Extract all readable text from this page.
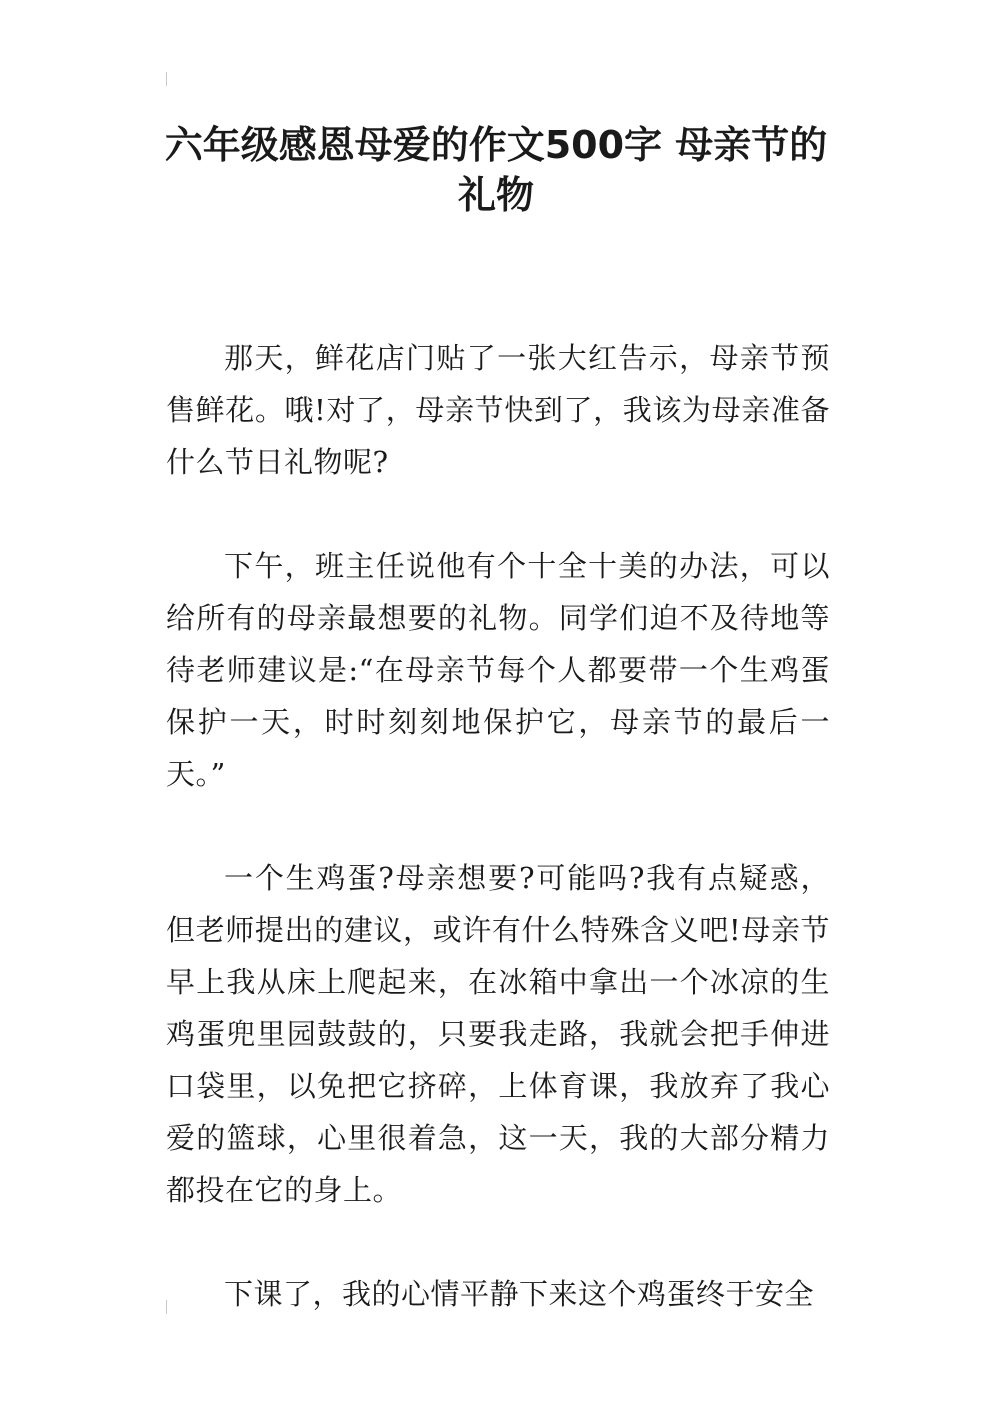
六年级感恩母爱的作文500字 母亲节的礼物

那天，鲜花店门贴了一张大红告示，母亲节预售鲜花。哦!对了，母亲节快到了，我该为母亲准备什么节日礼物呢?

下午，班主任说他有个十全十美的办法，可以给所有的母亲最想要的礼物。同学们迫不及待地等待老师建议是:“在母亲节每个人都要带一个生鸡蛋保护一天，时时刻刻地保护它，母亲节的最后一天。”

一个生鸡蛋?母亲想要?可能吗?我有点疑惑，但老师提出的建议，或许有什么特殊含义吧!母亲节早上我从床上爬起来，在冰箱中拿出一个冰凉的生鸡蛋兜里园鼓鼓的，只要我走路，我就会把手伸进口袋里，以免把它挤碎，上体育课，我放弃了我心爱的篮球，心里很着急，这一天，我的大部分精力都投在它的身上。

下课了，我的心情平静下来这个鸡蛋终于安全
